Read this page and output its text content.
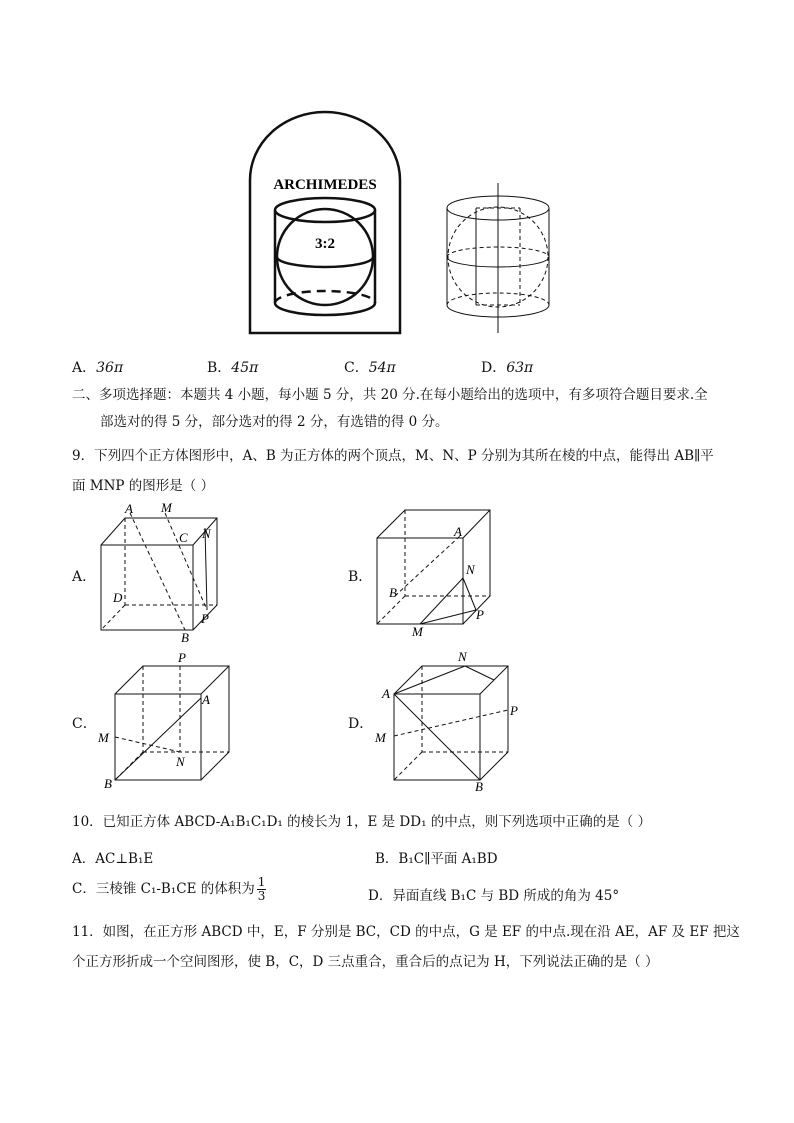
ARCHIMEDES
3:2
A．36π	B．45π	C．54π	D．63π
二、多项选择题：本题共 4 小题，每小题 5 分，共 20 分.在每小题给出的选项中，有多项符合题目要求.全
部选对的得 5 分，部分选对的得 2 分，有选错的得 0 分。
9．下列四个正方体图形中，A、B 为正方体的两个顶点，M、N、P 分别为其所在棱的中点，能得出 AB∥平
面 MNP 的图形是（ ）
A．	B．
C．	D．
A M
C N
D
P
B
A
N
B
P
M
P
A
M
N
B
N
A
P
M
B
10．已知正方体 ABCD-A₁B₁C₁D₁ 的棱长为 1，E 是 DD₁ 的中点，则下列选项中正确的是（ ）
A．AC⊥B₁E	B．B₁C∥平面 A₁BD
C．三棱锥 C₁-B₁CE 的体积为 $\frac{1}{3}$	D．异面直线 B₁C 与 BD 所成的角为 45°
11．如图，在正方形 ABCD 中，E，F 分别是 BC，CD 的中点，G 是 EF 的中点.现在沿 AE，AF 及 EF 把这
个正方形折成一个空间图形，使 B，C，D 三点重合，重合后的点记为 H，下列说法正确的是（ ）
